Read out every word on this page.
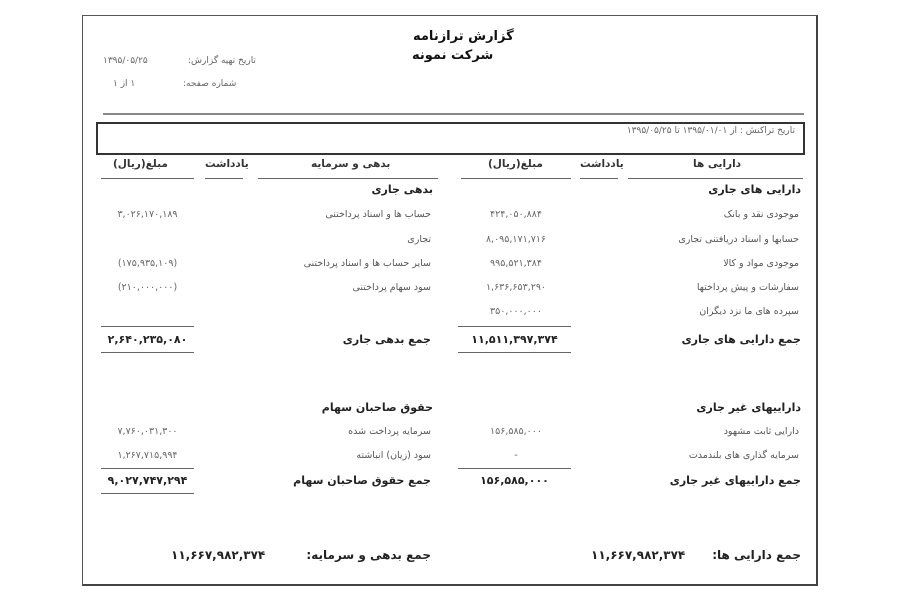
گزارش ترازنامه
شرکت نمونه
تاریخ تهیه گزارش:
۱۳۹۵/۰۵/۲۵
شماره صفحه:
۱ از ۱
تاریخ تراکنش : از ۱۳۹۵/۰۱/۰۱ تا ۱۳۹۵/۰۵/۲۵
دارایی ها
یادداشت
مبلغ(ریال)
بدهی و سرمایه
یادداشت
مبلغ(ریال)
دارایی های جاری
موجودی نقد و بانک
۴۲۴,۰۵۰,۸۸۴
حسابها و اسناد دریافتنی تجاری
۸,۰۹۵,۱۷۱,۷۱۶
موجودی مواد و کالا
۹۹۵,۵۲۱,۳۸۴
سفارشات و پیش پرداختها
۱,۶۳۶,۶۵۳,۲۹۰
سپرده های ما نزد دیگران
۳۵۰,۰۰۰,۰۰۰
جمع دارایی های جاری
۱۱,۵۱۱,۳۹۷,۳۷۴
داراییهای غیر جاری
دارایی ثابت مشهود
۱۵۶,۵۸۵,۰۰۰
سرمایه گذاری های بلندمدت
-
جمع داراییهای غیر جاری
۱۵۶,۵۸۵,۰۰۰
جمع دارایی ها:
۱۱,۶۶۷,۹۸۲,۳۷۴
بدهی جاری
حساب ها و اسناد پرداختنی
تجاری
۳,۰۲۶,۱۷۰,۱۸۹
سایر حساب ها و اسناد پرداختنی
(۱۷۵,۹۳۵,۱۰۹)
سود سهام پرداختنی
(۲۱۰,۰۰۰,۰۰۰)
جمع بدهی جاری
۲,۶۴۰,۲۳۵,۰۸۰
حقوق صاحبان سهام
سرمایه پرداخت شده
۷,۷۶۰,۰۳۱,۳۰۰
سود (زیان) انباشته
۱,۲۶۷,۷۱۵,۹۹۴
جمع حقوق صاحبان سهام
۹,۰۲۷,۷۴۷,۲۹۴
جمع بدهی و سرمایه:
۱۱,۶۶۷,۹۸۲,۳۷۴
